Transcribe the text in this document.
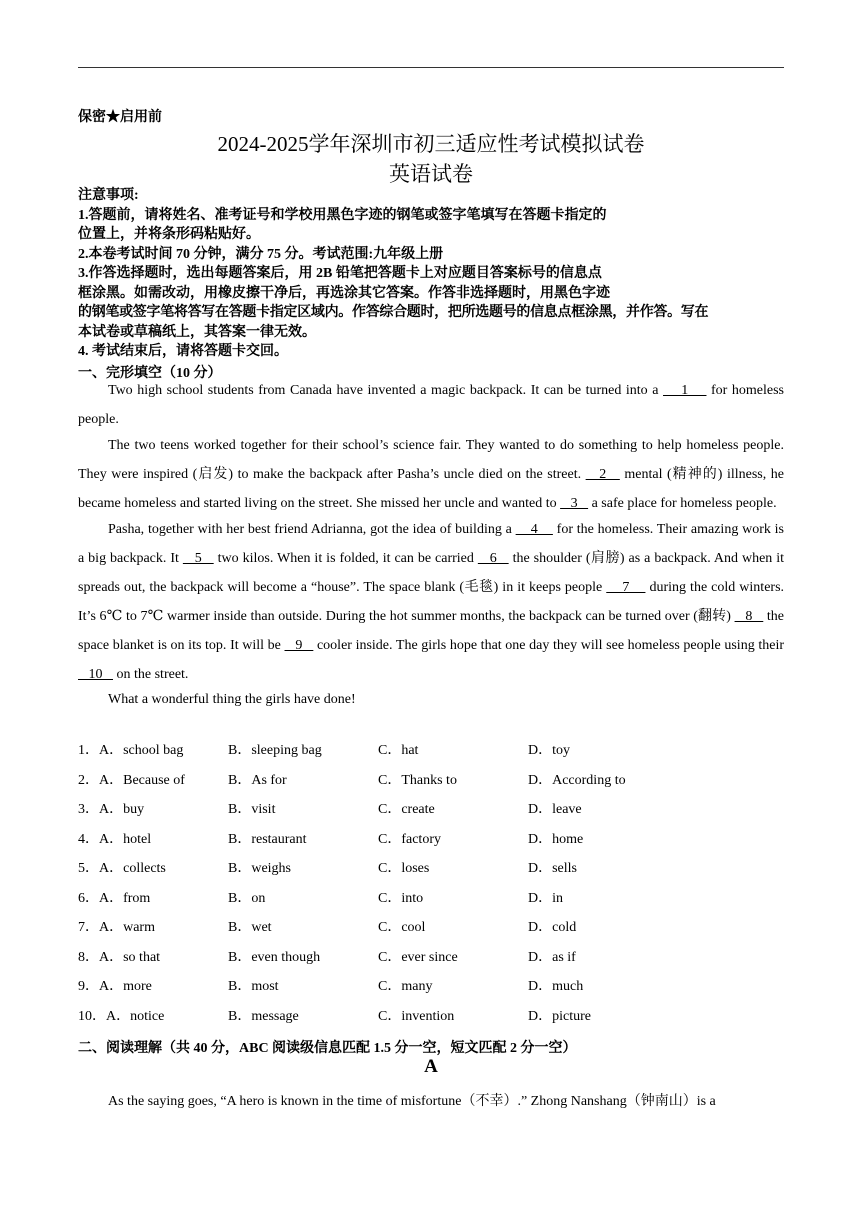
保密★启用前
2024-2025学年深圳市初三适应性考试模拟试卷
英语试卷
注意事项:
1.答题前，请将姓名、准考证号和学校用黑色字迹的钢笔或签字笔填写在答题卡指定的
位置上，并将条形码粘贴好。
2.本卷考试时间 70 分钟，满分 75 分。考试范围:九年级上册
3.作答选择题时，选出每题答案后，用 2B 铅笔把答题卡上对应题目答案标号的信息点
框涂黑。如需改动，用橡皮擦干净后，再选涂其它答案。作答非选择题时，用黑色字迹
的钢笔或签字笔将答写在答题卡指定区域内。作答综合题时，把所选题号的信息点框涂黑，并作答。写在
本试卷或草稿纸上，其答案一律无效。
4. 考试结束后，请将答题卡交回。
一、完形填空（10 分）

Two high school students from Canada have invented a magic backpack. It can be turned into a     1     for homeless people.

The two teens worked together for their school’s science fair. They wanted to do something to help homeless people. They were inspired (启发) to make the backpack after Pasha’s uncle died on the street.    2    mental (精神的) illness, he became homeless and started living on the street. She missed her uncle and wanted to    3    a safe place for homeless people.

Pasha, together with her best friend Adrianna, got the idea of building a     4     for the homeless. Their amazing work is a big backpack. It    5    two kilos. When it is folded, it can be carried    6    the shoulder (肩膀) as a backpack. And when it spreads out, the backpack will become a “house”. The space blank (毛毯) in it keeps people     7     during the cold winters. It’s 6℃ to 7℃ warmer inside than outside. During the hot summer months, the backpack can be turned over (翻转)    8    the space blanket is on its top. It will be    9    cooler inside. The girls hope that one day they will see homeless people using their    10    on the street.

What a wonderful thing the girls have done!

1．A．school bag	B．sleeping bag	C．hat	D．toy
2．A．Because of	B．As for	C．Thanks to	D．According to
3．A．buy	B．visit	C．create	D．leave
4．A．hotel	B．restaurant	C．factory	D．home
5．A．collects	B．weighs	C．loses	D．sells
6．A．from	B．on	C．into	D．in
7．A．warm	B．wet	C．cool	D．cold
8．A．so that	B．even though	C．ever since	D．as if
9．A．more	B．most	C．many	D．much
10．A．notice	B．message	C．invention	D．picture
二、阅读理解（共 40 分，ABC 阅读级信息匹配 1.5 分一空，短文匹配 2 分一空）
A
As the saying goes, “A hero is known in the time of misfortune（不幸）.” Zhong Nanshang（钟南山）is a
